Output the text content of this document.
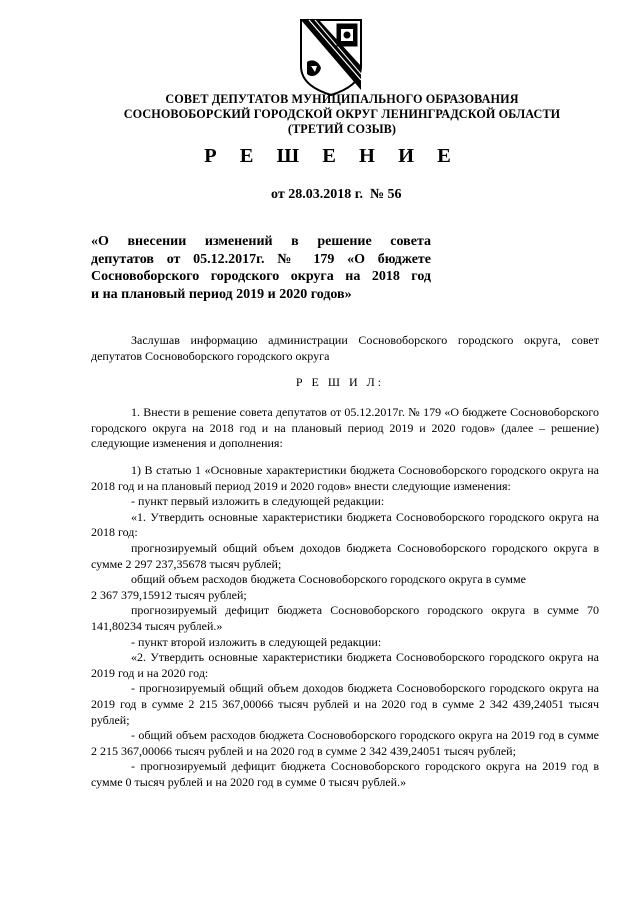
СОВЕТ ДЕПУТАТОВ МУНИЦИПАЛЬНОГО ОБРАЗОВАНИЯ
СОСНОВОБОРСКИЙ ГОРОДСКОЙ ОКРУГ ЛЕНИНГРАДСКОЙ ОБЛАСТИ
(ТРЕТИЙ СОЗЫВ)
Р Е Ш Е Н И Е
от 28.03.2018 г.  № 56
«О внесении изменений в решение совета
депутатов от 05.12.2017г. № 179 «О бюджете
Сосновоборского городского округа на 2018 год
и на плановый период 2019 и 2020 годов»
Заслушав информацию администрации Сосновоборского городского округа, совет депутатов Сосновоборского городского округа
Р Е Ш И Л:
1. Внести в решение совета депутатов от 05.12.2017г. № 179 «О бюджете Сосновоборского городского округа на 2018 год и на плановый период 2019 и 2020 годов» (далее – решение) следующие изменения и дополнения:

1) В статью 1 «Основные характеристики бюджета Сосновоборского городского округа на 2018 год и на плановый период 2019 и 2020 годов» внести следующие изменения:

- пункт первый изложить в следующей редакции:

«1. Утвердить основные характеристики бюджета Сосновоборского городского округа на 2018 год:

прогнозируемый общий объем доходов бюджета Сосновоборского городского округа в сумме 2 297 237,35678 тысяч рублей;

общий объем расходов бюджета Сосновоборского городского округа в сумме

2 367 379,15912 тысяч рублей;

прогнозируемый дефицит бюджета Сосновоборского городского округа в сумме 70 141,80234 тысяч рублей.»

- пункт второй изложить в следующей редакции:

«2. Утвердить основные характеристики бюджета Сосновоборского городского округа на 2019 год и на 2020 год:

- прогнозируемый общий объем доходов бюджета Сосновоборского городского округа на 2019 год в сумме 2 215 367,00066 тысяч рублей и на 2020 год в сумме 2 342 439,24051 тысяч рублей;

- общий объем расходов бюджета Сосновоборского городского округа на 2019 год в сумме 2 215 367,00066 тысяч рублей и на 2020 год в сумме 2 342 439,24051 тысяч рублей;

- прогнозируемый дефицит бюджета Сосновоборского городского округа на 2019 год в сумме 0 тысяч рублей и на 2020 год в сумме 0 тысяч рублей.»
